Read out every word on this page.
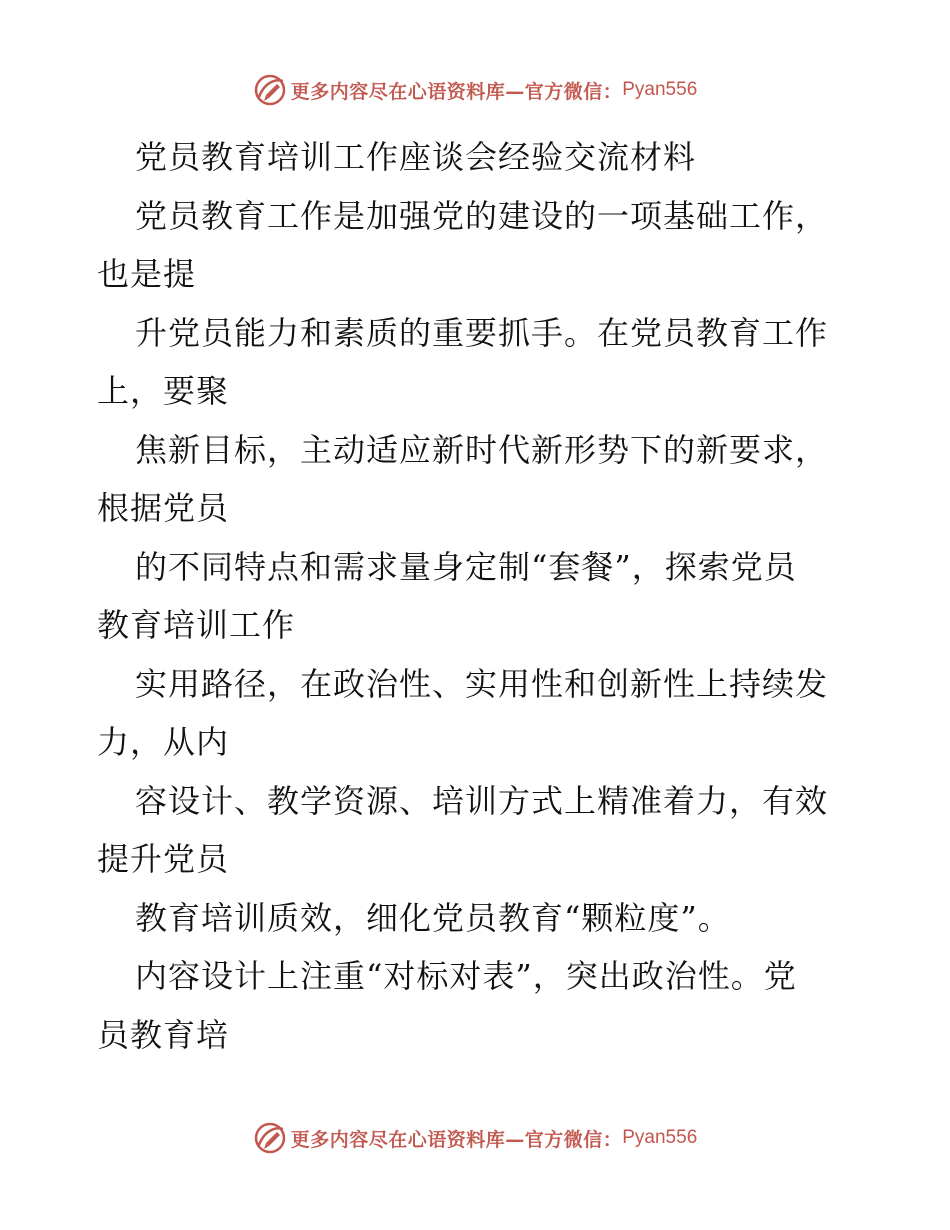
更多内容尽在心语资料库—官方微信： Pyan556
党员教育培训工作座谈会经验交流材料
党员教育工作是加强党的建设的一项基础工作，
也是提
升党员能力和素质的重要抓手。在党员教育工作
上，要聚
焦新目标，主动适应新时代新形势下的新要求，
根据党员
的不同特点和需求量身定制“套餐”，探索党员
教育培训工作
实用路径，在政治性、实用性和创新性上持续发
力，从内
容设计、教学资源、培训方式上精准着力，有效
提升党员
教育培训质效，细化党员教育“颗粒度”。
内容设计上注重“对标对表”，突出政治性。党
员教育培
更多内容尽在心语资料库—官方微信： Pyan556
